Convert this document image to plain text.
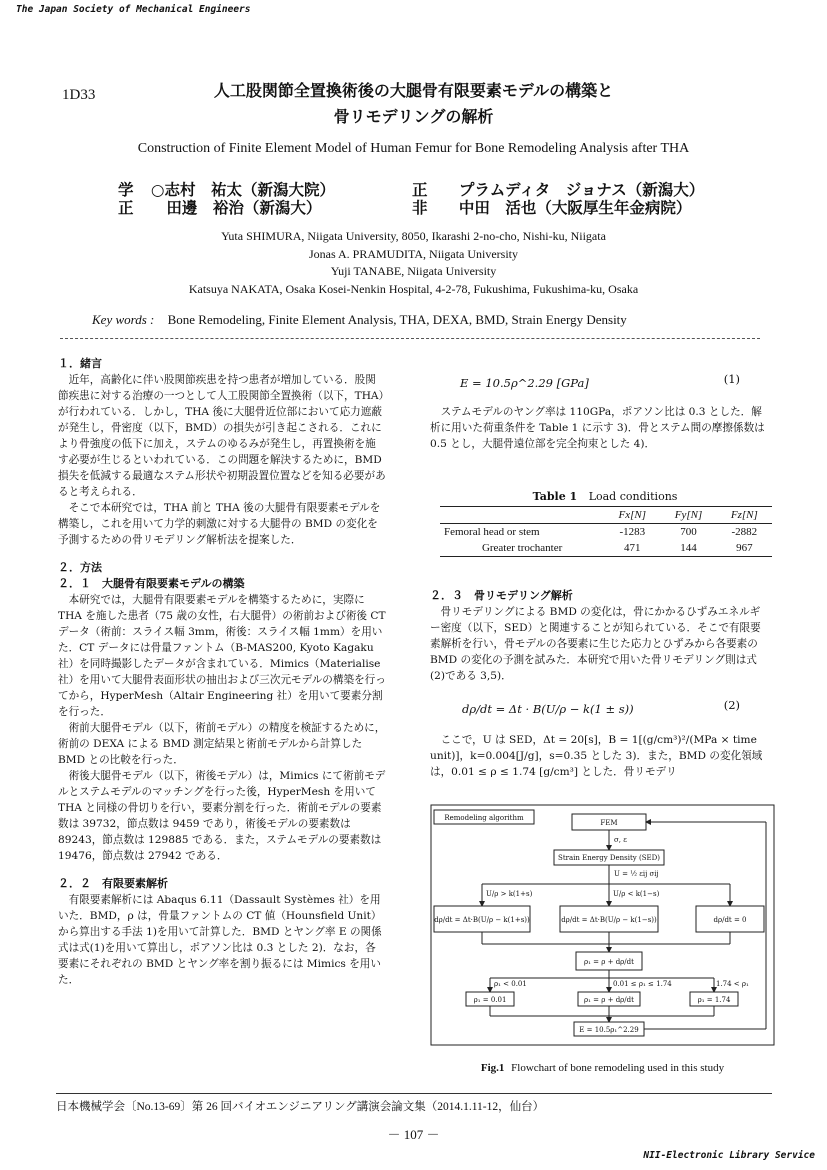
The Japan Society of Mechanical Engineers
1D33	人工股関節全置換術後の大腿骨有限要素モデルの構築と
骨リモデリングの解析
Construction of Finite Element Model of Human Femur for Bone Remodeling Analysis after THA
学 ○志村　祐太（新潟大院）
正 　田邊　裕治（新潟大）
正 プラムディタ　ジョナス（新潟大）
非 中田　活也（大阪厚生年金病院）
Yuta SHIMURA, Niigata University, 8050, Ikarashi 2-no-cho, Nishi-ku, Niigata
Jonas A. PRAMUDITA, Niigata University
Yuji TANABE, Niigata University
Katsuya NAKATA, Osaka Kosei-Nenkin Hospital, 4-2-78, Fukushima, Fukushima-ku, Osaka
Key words : Bone Remodeling, Finite Element Analysis, THA, DEXA, BMD, Strain Energy Density
１．緒言

近年，高齢化に伴い股関節疾患を持つ患者が増加している．股関節疾患に対する治療の一つとして人工股関節全置換術（以下，THA）が行われている．しかし，THA 後に大腿骨近位部において応力遮蔽が発生し，骨密度（以下，BMD）の損失が引き起こされる．これにより骨強度の低下に加え，ステムのゆるみが発生し，再置換術を施す必要が生じるといわれている．この問題を解決するために，BMD 損失を低減する最適なステム形状や初期設置位置などを知る必要があると考えられる．

そこで本研究では，THA 前と THA 後の大腿骨有限要素モデルを構築し，これを用いて力学的刺激に対する大腿骨の BMD の変化を予測するための骨リモデリング解析法を提案した．

２．方法
２．１　大腿骨有限要素モデルの構築

本研究では，大腿骨有限要素モデルを構築するために，実際に THA を施した患者（75 歳の女性，右大腿骨）の術前および術後 CT データ（術前：スライス幅 3mm，術後：スライス幅 1mm）を用いた．CT データには骨量ファントム（B-MAS200, Kyoto Kagaku 社）を同時撮影したデータが含まれている．Mimics（Materialise 社）を用いて大腿骨表面形状の抽出および三次元モデルの構築を行ってから，HyperMesh（Altair Engineering 社）を用いて要素分割を行った．

術前大腿骨モデル（以下，術前モデル）の精度を検証するために，術前の DEXA による BMD 測定結果と術前モデルから計算した BMD との比較を行った．

術後大腿骨モデル（以下，術後モデル）は，Mimics にて術前モデルとステムモデルのマッチングを行った後，HyperMesh を用いて THA と同様の骨切りを行い，要素分割を行った．術前モデルの要素数は 39732，節点数は 9459 であり，術後モデルの要素数は 89243，節点数は 129885 である．また，ステムモデルの要素数は 19476，節点数は 27942 である．

２．２　有限要素解析

有限要素解析には Abaqus 6.11（Dassault Systèmes 社）を用いた．BMD，ρ は，骨量ファントムの CT 値（Hounsfield Unit）から算出する手法 1)を用いて計算した．BMD とヤング率 E の関係式は式(1)を用いて算出し，ポアソン比は 0.3 とした 2)．なお，各要素にそれぞれの BMD とヤング率を割り振るには Mimics を用いた．

E = 10.5ρ^2.29 [GPa]	(1)

ステムモデルのヤング率は 110GPa，ポアソン比は 0.3 とした．解析に用いた荷重条件を Table 1 に示す 3)．骨とステム間の摩擦係数は 0.5 とし，大腿骨遠位部を完全拘束とした 4)．

Table 1 Load conditions
	Fx[N]	Fy[N]	Fz[N]
Femoral head or stem	-1283	700	-2882
Greater trochanter	471	144	967
２．３　骨リモデリング解析

骨リモデリングによる BMD の変化は，骨にかかるひずみエネルギー密度（以下，SED）と関連することが知られている．そこで有限要素解析を行い，骨モデルの各要素に生じた応力とひずみから各要素の BMD の変化の予測を試みた．本研究で用いた骨リモデリング則は式(2)である 3,5)．

dρ/dt = Δt · B(U/ρ − k(1 ± s))	(2)

ここで，U は SED，Δt = 20[s]，B = 1[(g/cm³)²/(MPa × time unit)]，k=0.004[J/g]，s=0.35 とした 3)．また，BMD の変化領域は，0.01 ≤ ρ ≤ 1.74 [g/cm³] とした．骨リモデリ

Remodeling algorithm
FEM
σ, ε
Strain Energy Density (SED)
U = ½ εij σij
U/ρ > k(1+s)	U/ρ < k(1−s)
dρ/dt = Δt·B(U/ρ − k(1+s))	dρ/dt = Δt·B(U/ρ − k(1−s))	dρ/dt = 0
ρ₁ = ρ + dρ/dt
ρ₁ < 0.01	0.01 ≤ ρ₁ ≤ 1.74	1.74 < ρ₁
ρ₁ = 0.01	ρ₁ = ρ + dρ/dt	ρ₁ = 1.74
E = 10.5ρ₁^2.29
Fig.1 Flowchart of bone remodeling used in this study
日本機械学会〔No.13-69〕第 26 回バイオエンジニアリング講演会論文集（2014.1.11-12，仙台）
－ 107 －
NII-Electronic Library Service
